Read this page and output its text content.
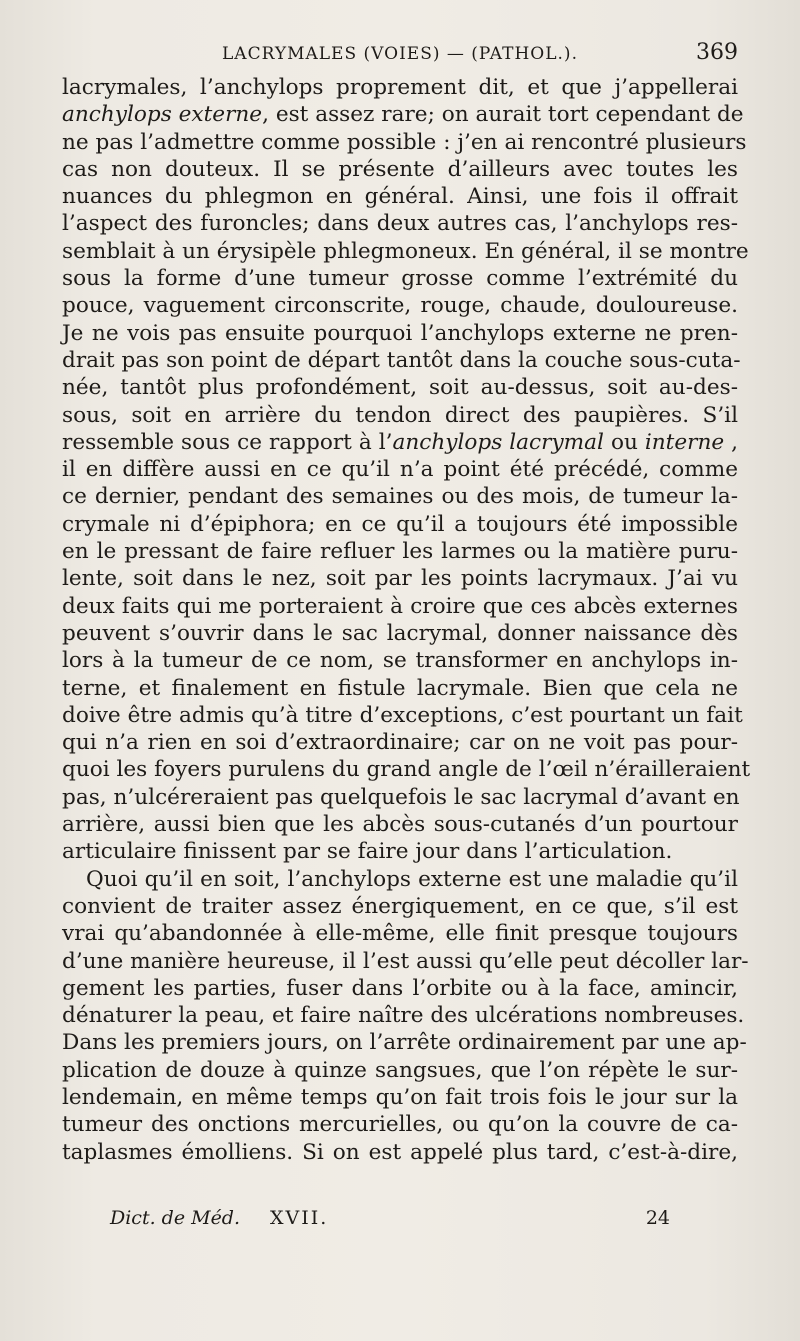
LACRYMALES (VOIES) — (PATHOL.).	369
lacrymales, l’anchylops proprement dit, et que j’appellerai
anchylops externe, est assez rare; on aurait tort cependant de
ne pas l’admettre comme possible : j’en ai rencontré plusieurs
cas non douteux. Il se présente d’ailleurs avec toutes les
nuances du phlegmon en général. Ainsi, une fois il offrait
l’aspect des furoncles; dans deux autres cas, l’anchylops res-
semblait à un érysipèle phlegmoneux. En général, il se montre
sous la forme d’une tumeur grosse comme l’extrémité du
pouce, vaguement circonscrite, rouge, chaude, douloureuse.
Je ne vois pas ensuite pourquoi l’anchylops externe ne pren-
drait pas son point de départ tantôt dans la couche sous-cuta-
née, tantôt plus profondément, soit au-dessus, soit au-des-
sous, soit en arrière du tendon direct des paupières. S’il
ressemble sous ce rapport à l’anchylops lacrymal ou interne ,
il en diffère aussi en ce qu’il n’a point été précédé, comme
ce dernier, pendant des semaines ou des mois, de tumeur la-
crymale ni d’épiphora; en ce qu’il a toujours été impossible
en le pressant de faire refluer les larmes ou la matière puru-
lente, soit dans le nez, soit par les points lacrymaux. J’ai vu
deux faits qui me porteraient à croire que ces abcès externes
peuvent s’ouvrir dans le sac lacrymal, donner naissance dès
lors à la tumeur de ce nom, se transformer en anchylops in-
terne, et finalement en fistule lacrymale. Bien que cela ne
doive être admis qu’à titre d’exceptions, c’est pourtant un fait
qui n’a rien en soi d’extraordinaire; car on ne voit pas pour-
quoi les foyers purulens du grand angle de l’œil n’érailleraient
pas, n’ulcéreraient pas quelquefois le sac lacrymal d’avant en
arrière, aussi bien que les abcès sous-cutanés d’un pourtour
articulaire finissent par se faire jour dans l’articulation.
Quoi qu’il en soit, l’anchylops externe est une maladie qu’il
convient de traiter assez énergiquement, en ce que, s’il est
vrai qu’abandonnée à elle-même, elle finit presque toujours
d’une manière heureuse, il l’est aussi qu’elle peut décoller lar-
gement les parties, fuser dans l’orbite ou à la face, amincir,
dénaturer la peau, et faire naître des ulcérations nombreuses.
Dans les premiers jours, on l’arrête ordinairement par une ap-
plication de douze à quinze sangsues, que l’on répète le sur-
lendemain, en même temps qu’on fait trois fois le jour sur la
tumeur des onctions mercurielles, ou qu’on la couvre de ca-
taplasmes émolliens. Si on est appelé plus tard, c’est-à-dire,
Dict. de Méd. XVII.	24
